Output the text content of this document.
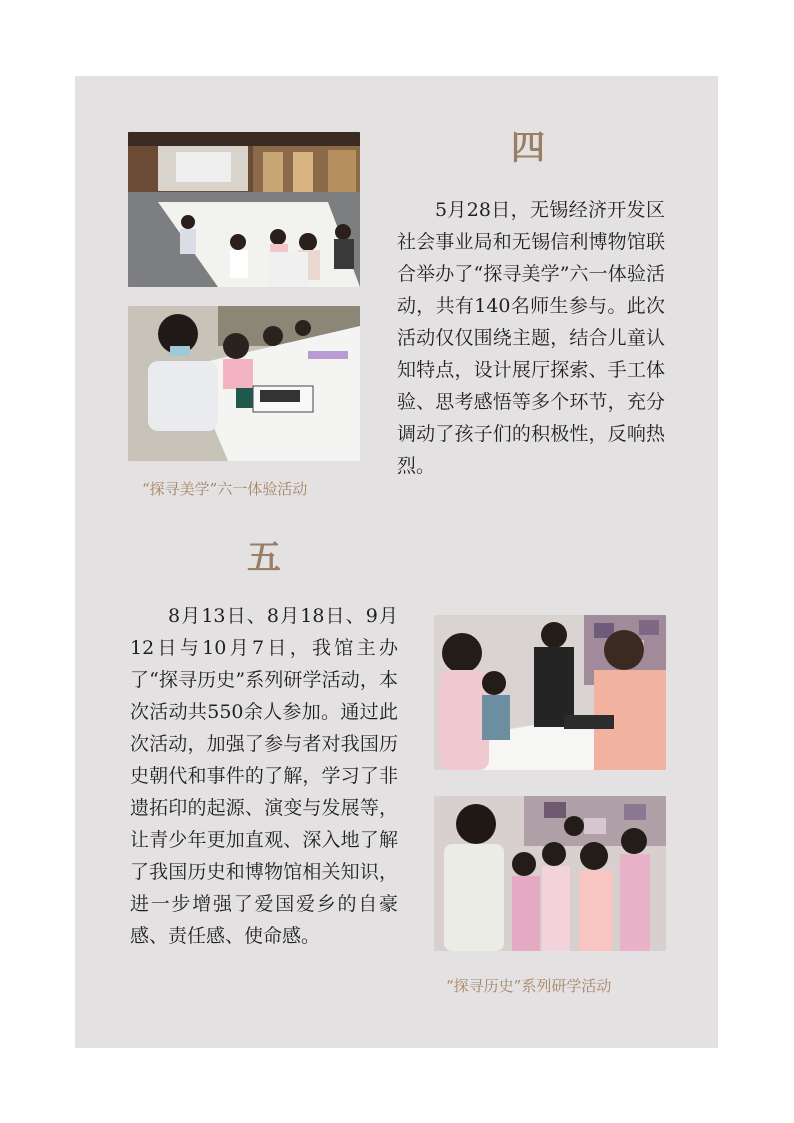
“探寻美学”六一体验活动
四

5月28日，无锡经济开发区社会事业局和无锡信利博物馆联合举办了“探寻美学”六一体验活动，共有140名师生参与。此次活动仅仅围绕主题，结合儿童认知特点，设计展厅探索、手工体验、思考感悟等多个环节，充分调动了孩子们的积极性，反响热烈。

五

8月13日、8月18日、9月12日与10月7日，我馆主办了“探寻历史”系列研学活动，本次活动共550余人参加。通过此次活动，加强了参与者对我国历史朝代和事件的了解，学习了非遗拓印的起源、演变与发展等，让青少年更加直观、深入地了解了我国历史和博物馆相关知识，进一步增强了爱国爱乡的自豪感、责任感、使命感。

“探寻历史”系列研学活动
